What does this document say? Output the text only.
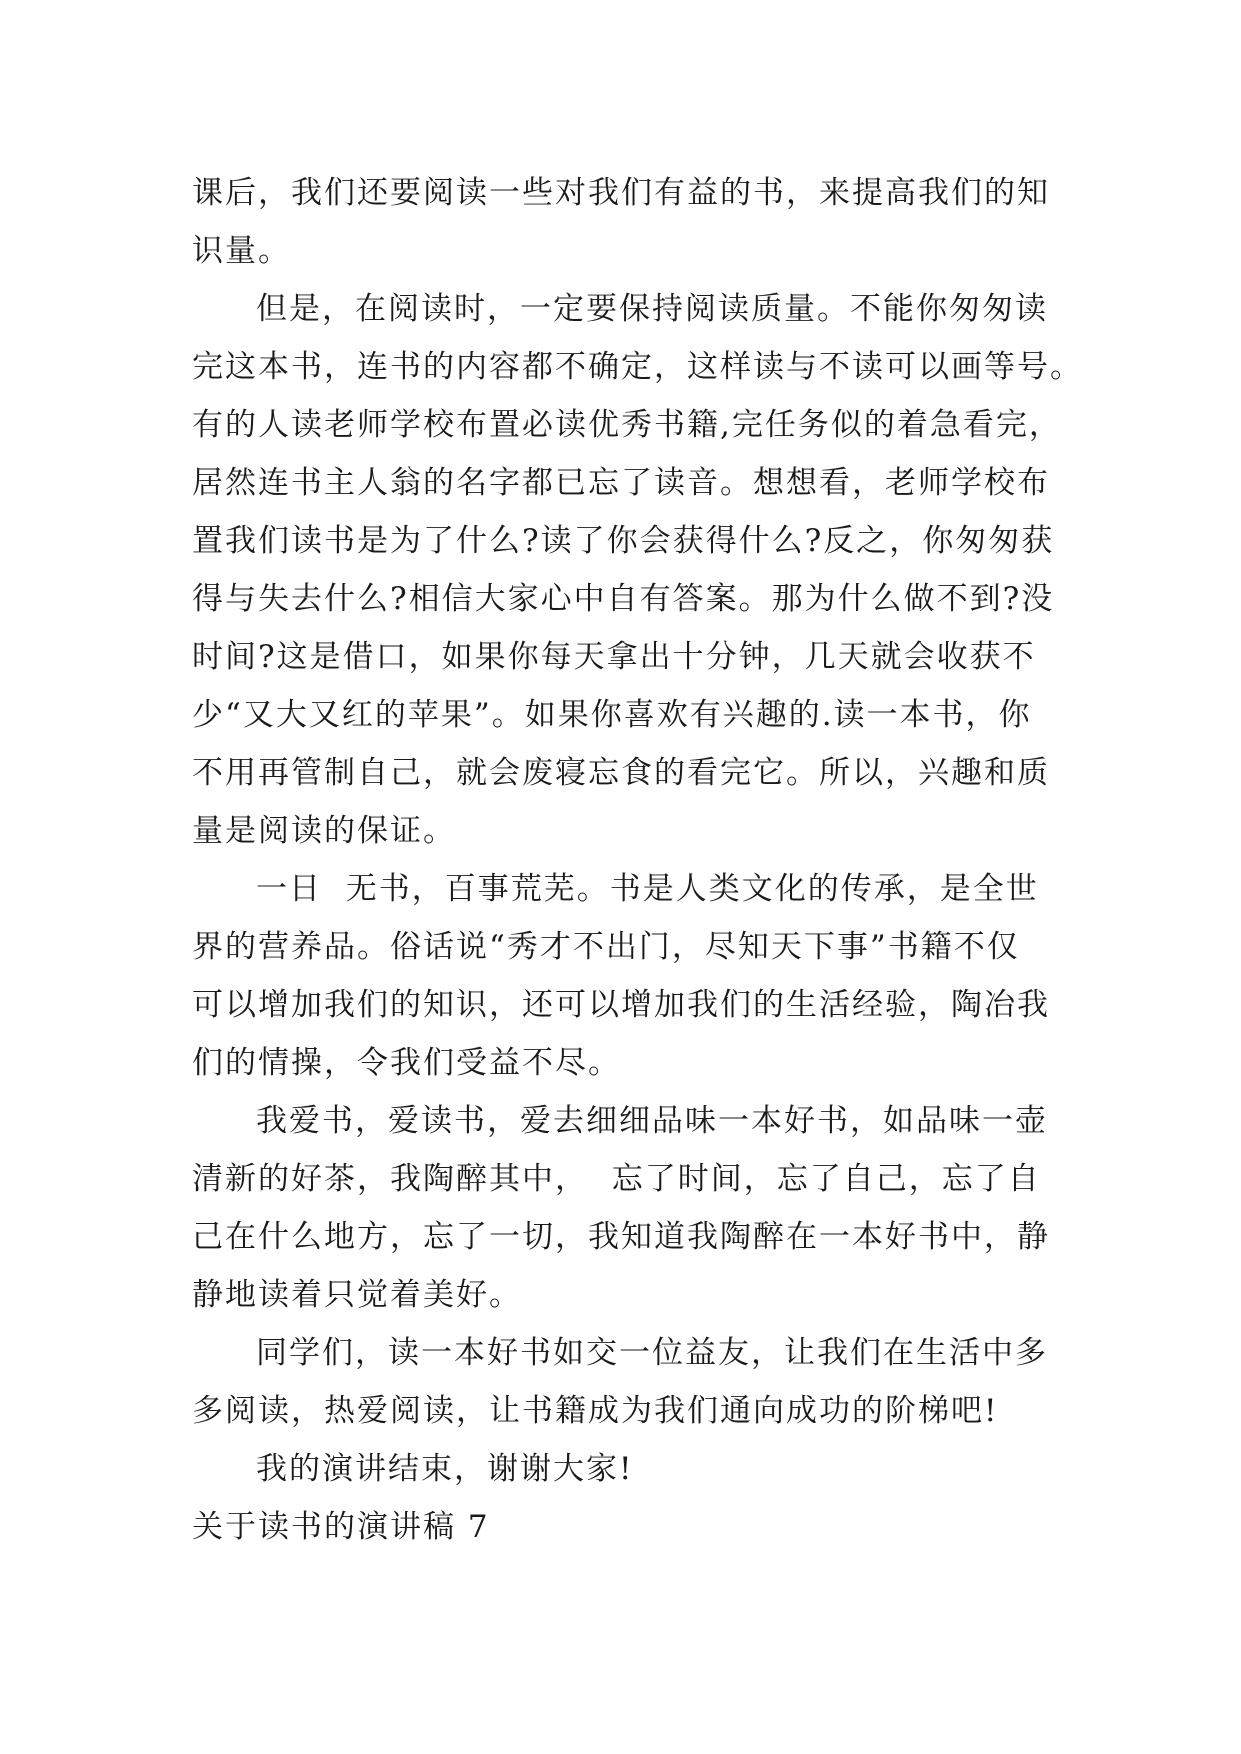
课后，我们还要阅读一些对我们有益的书，来提高我们的知
识量。
但是，在阅读时，一定要保持阅读质量。不能你匆匆读
完这本书，连书的内容都不确定，这样读与不读可以画等号。
有的人读老师学校布置必读优秀书籍,完任务似的着急看完，
居然连书主人翁的名字都已忘了读音。想想看，老师学校布
置我们读书是为了什么?读了你会获得什么?反之，你匆匆获
得与失去什么?相信大家心中自有答案。那为什么做不到?没
时间?这是借口，如果你每天拿出十分钟，几天就会收获不
少“又大又红的苹果”。如果你喜欢有兴趣的.读一本书，你
不用再管制自己，就会废寝忘食的看完它。所以，兴趣和质
量是阅读的保证。
一日  无书，百事荒芜。书是人类文化的传承，是全世
界的营养品。俗话说“秀才不出门，尽知天下事”书籍不仅
可以增加我们的知识，还可以增加我们的生活经验，陶冶我
们的情操，令我们受益不尽。
我爱书，爱读书，爱去细细品味一本好书，如品味一壶
清新的好茶，我陶醉其中，  忘了时间，忘了自己，忘了自
己在什么地方，忘了一切，我知道我陶醉在一本好书中，静
静地读着只觉着美好。
同学们，读一本好书如交一位益友，让我们在生活中多
多阅读，热爱阅读，让书籍成为我们通向成功的阶梯吧!
我的演讲结束，谢谢大家!
关于读书的演讲稿 7
